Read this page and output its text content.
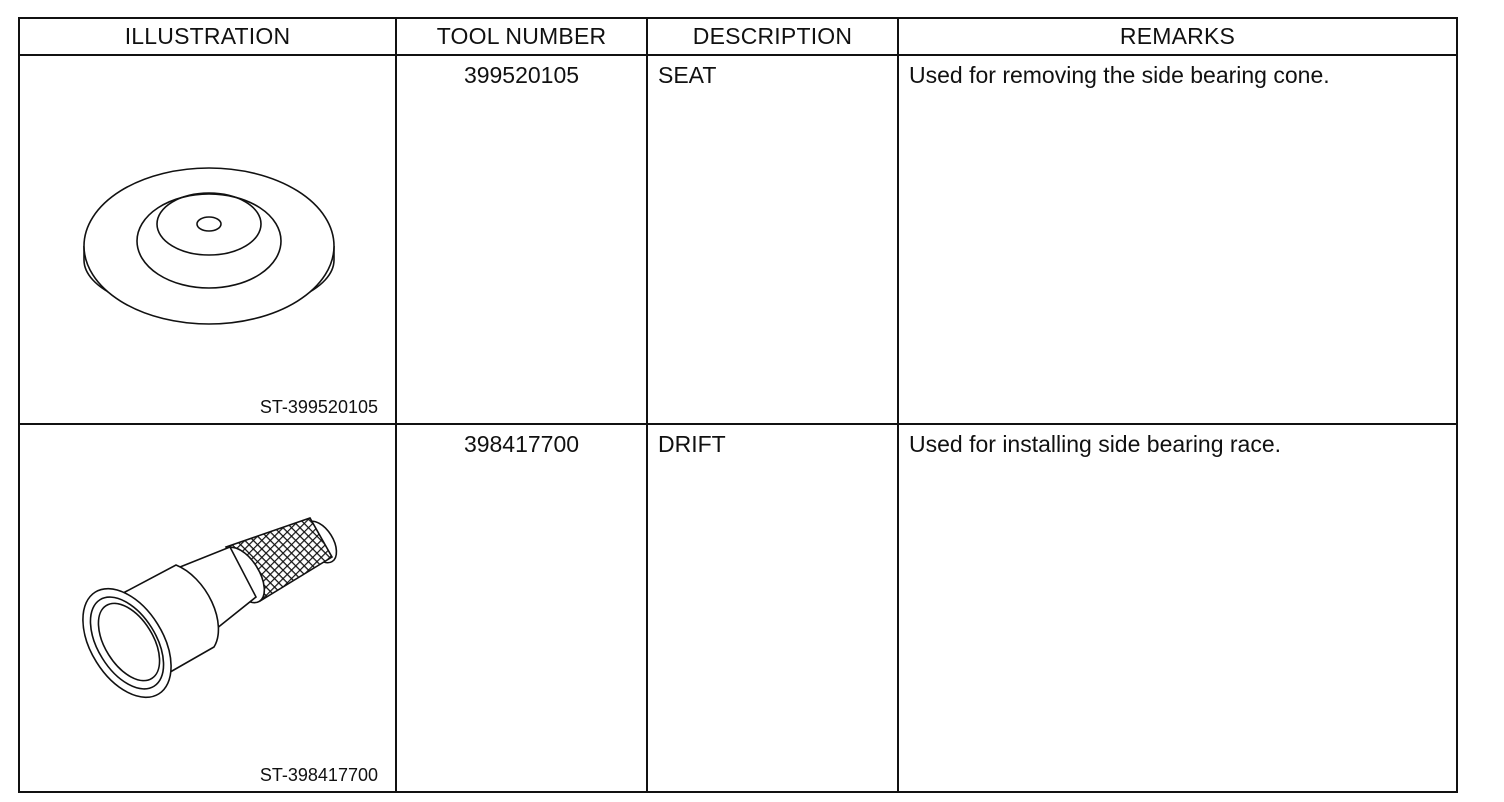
ILLUSTRATION	TOOL NUMBER	DESCRIPTION	REMARKS

ST-399520105	399520105	SEAT	Used for removing the side bearing cone.

ST-398417700	398417700	DRIFT	Used for installing side bearing race.
